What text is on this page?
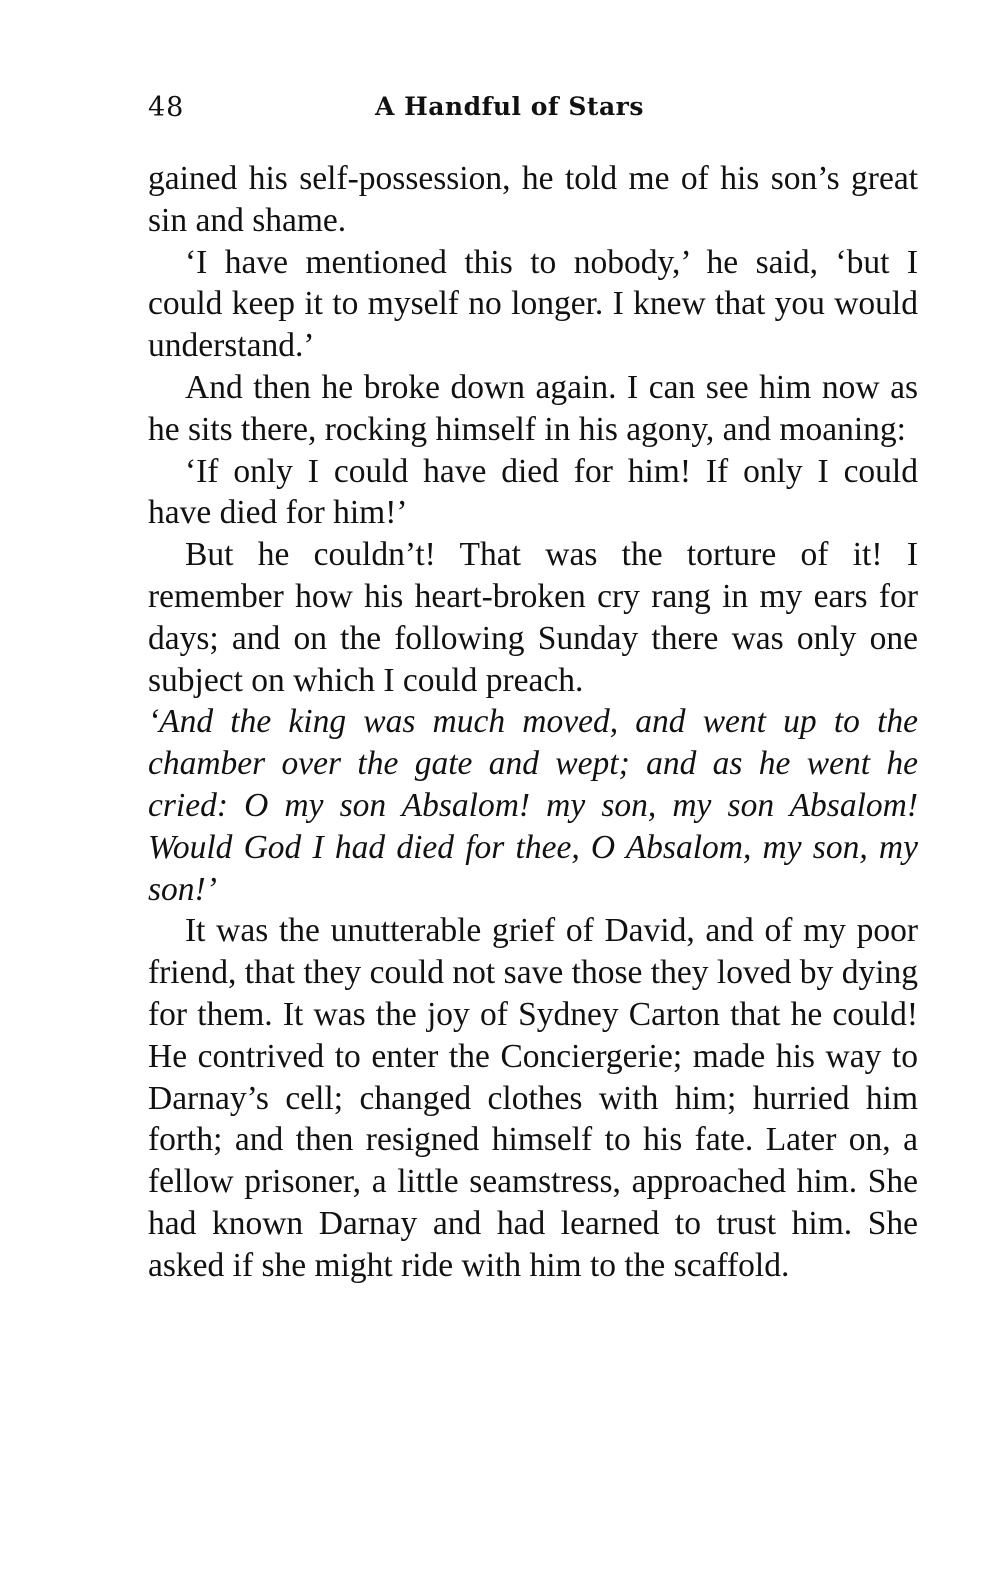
48	A Handful of Stars

gained his self-possession, he told me of his son’s great sin and shame.

‘I have mentioned this to nobody,’ he said, ‘but I could keep it to myself no longer. I knew that you would understand.’

And then he broke down again. I can see him now as he sits there, rocking himself in his agony, and moaning:

‘If only I could have died for him! If only I could have died for him!’

But he couldn’t! That was the torture of it! I remember how his heart-broken cry rang in my ears for days; and on the following Sunday there was only one subject on which I could preach.

‘And the king was much moved, and went up to the chamber over the gate and wept; and as he went he cried: O my son Absalom! my son, my son Absalom! Would God I had died for thee, O Absalom, my son, my son!’

It was the unutterable grief of David, and of my poor friend, that they could not save those they loved by dying for them. It was the joy of Sydney Carton that he could! He contrived to enter the Conciergerie; made his way to Darnay’s cell; changed clothes with him; hurried him forth; and then resigned himself to his fate. Later on, a fellow prisoner, a little seamstress, approached him. She had known Darnay and had learned to trust him. She asked if she might ride with him to the scaffold.
